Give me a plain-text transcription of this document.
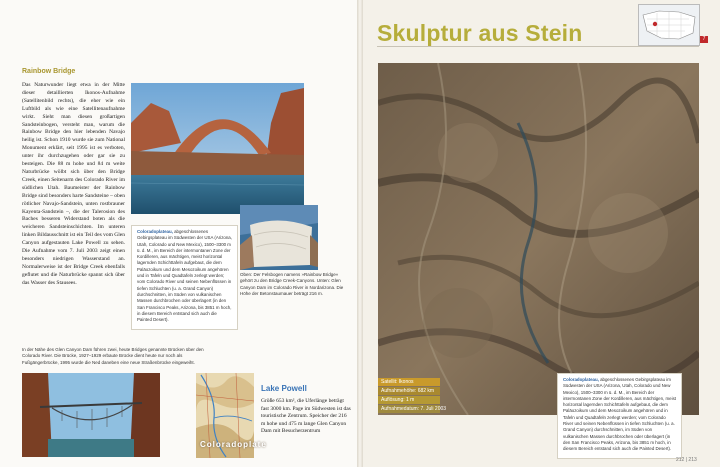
Skulptur aus Stein	7
Rainbow Bridge

Das Naturwunder liegt etwa in der Mitte dieser detaillierten Ikonos-Aufnahme (Satellitenbild rechts), die eher wie ein Luftbild als wie eine Satellitenaufnahme wirkt. Sieht man diesen großartigen Sandsteinbogen, versteht man, warum die Rainbow Bridge den hier lebenden Navajo heilig ist. Schon 1910 wurde sie zum National Monument erklärt, seit 1995 ist es verboten, unter ihr durchzugehen oder gar sie zu besteigen. Die 88 m hohe und 84 m weite Naturbrücke wölbt sich über den Bridge Creek, einen Seitenarm des Colorado River im südlichen Utah. Baumeister der Rainbow Bridge sind besonders harte Sandsteine – oben rötlicher Navajo-Sandstein, unten rostbrauner Kayenta-Sandstein –, die der Talerosion des Baches besseren Widerstand boten als die weicheren Sandsteinschichten. Im unteren linken Bildausschnitt ist ein Teil des vom Glen Canyon aufgestauten Lake Powell zu sehen. Die Aufnahme vom 7. Juli 2003 zeigt einen besonders niedrigen Wasserstand an. Normalerweise ist der Bridge Creek ebenfalls geflutet und die Naturbrücke spannt sich über das Wasser des Stausees.

Coloradoplateau, abgeschlossenes Gebirgsplateau im Südwesten der USA (Arizona, Utah, Colorado und New Mexico), 1500–3300 m ü. d. M., im Bereich der intermontanen Zone der Kordilleren, aus mächtigen, meist horizontal lagernden Schichttafeln aufgebaut, die dem Paläozoikum und dem Mesozoikum angehören und in Tafeln und Quadtafeln zerlegt werden; vom Colorado River und seinen Nebenflüssen in tiefen Schluchten (u. a. Grand Canyon) durchschnitten, im Süden von vulkanischen Massen durchbrochen oder überlagert (in den San Francisco Peaks, Arizona, bis 3851 m hoch, in diesem Bereich entstand sich auch die Painted Desert).

Oben: Der Felsbogen namens »Rainbow Bridge« gehört zu den Bridge Creek-Canyons. Unten: Glen Canyon Dam im Colorado River in Nordarizona. Die Höhe der Betonstaumauer beträgt 216 m.

In der Nähe des Glen Canyon Dam führen zwei, heute Bridges genannte Brücken über den Colorado River. Die Brücke, 1927–1929 erbaute Brücke dient heute nur noch als Fußgängerbrücke, 1995 wurde die Ned daneben eine neue Straßenbrücke eingeweiht.

Coloradoplate
Lake Powell

Größe 653 km², die Uferlänge beträgt fast 3000 km. Page im Südwesten ist das touristische Zentrum. Speicher der 216 m hohe und 475 m lange Glen Canyon Dam mit Besucherzentrum

Satellit: Ikonos
Aufnahmehöhe: 682 km
Auflösung: 1 m
Aufnahmedatum: 7. Juli 2003
Coloradoplateau, abgeschlossenes Gebirgsplateau im Südwesten der USA (Arizona, Utah, Colorado und New Mexico), 1500–3300 m ü. d. M., im Bereich der intermontanen Zone der Kordilleren, aus mächtigen, meist horizontal lagernden Schichttafeln aufgebaut, die dem Paläozoikum und dem Mesozoikum angehören und in Tafeln und Quadtafeln zerlegt werden; vom Colorado River und seinen Nebenflüssen in tiefen Schluchten (u. a. Grand Canyon) durchschnitten, im Süden von vulkanischen Massen durchbrochen oder überlagert (in den San Francisco Peaks, Arizona, bis 3851 m hoch, in diesem Bereich entstand sich auch die Painted Desert).
212 | 213
